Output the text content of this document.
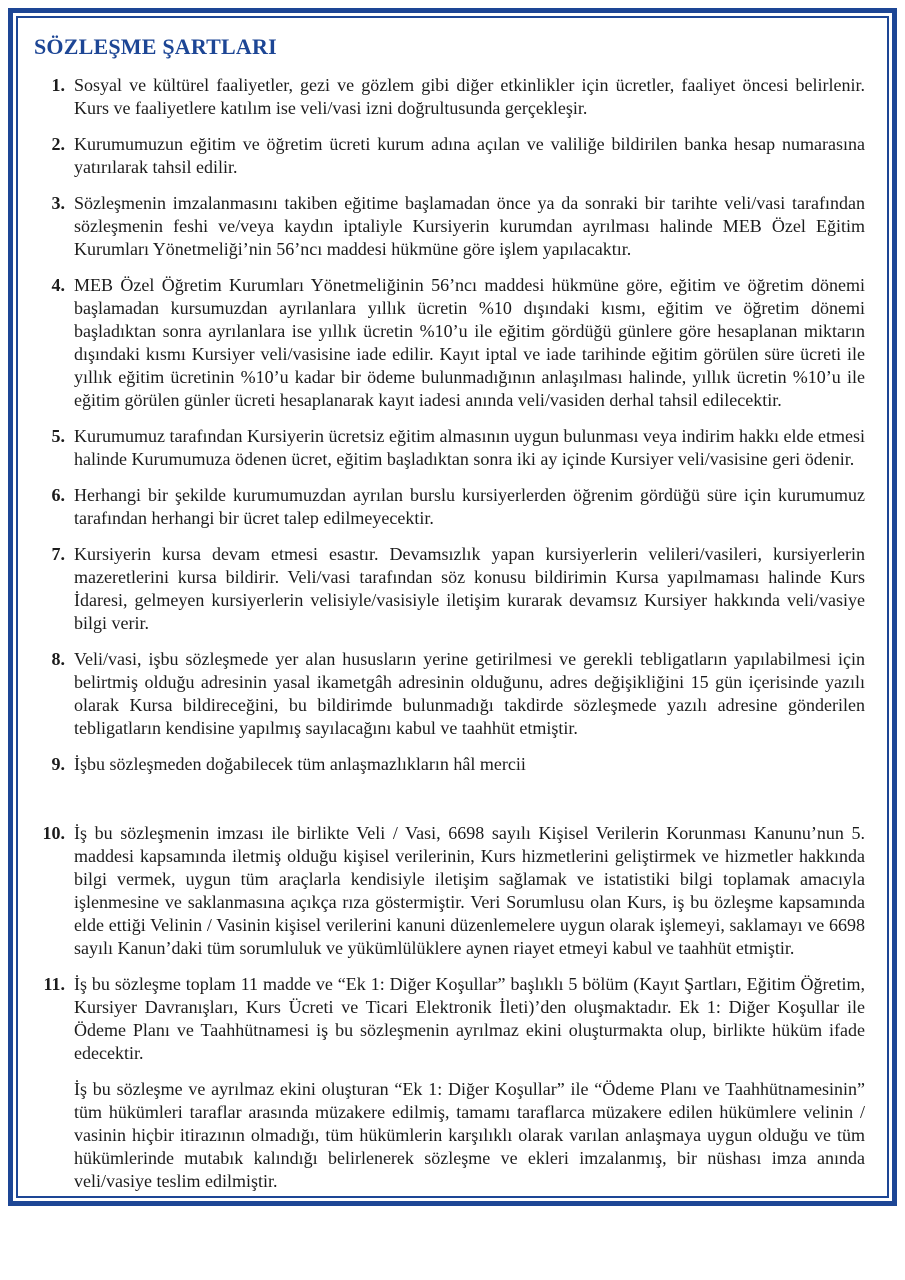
SÖZLEŞME ŞARTLARI
1. Sosyal ve kültürel faaliyetler, gezi ve gözlem gibi diğer etkinlikler için ücretler, faaliyet öncesi belirlenir. Kurs ve faaliyetlere katılım ise veli/vasi izni doğrultusunda gerçekleşir.

2. Kurumumuzun eğitim ve öğretim ücreti kurum adına açılan ve valiliğe bildirilen banka hesap numarasına yatırılarak tahsil edilir.

3. Sözleşmenin imzalanmasını takiben eğitime başlamadan önce ya da sonraki bir tarihte veli/vasi tarafından sözleşmenin feshi ve/veya kaydın iptaliyle Kursiyerin kurumdan ayrılması halinde MEB Özel Eğitim Kurumları Yönetmeliği’nin 56’ncı maddesi hükmüne göre işlem yapılacaktır.

4. MEB Özel Öğretim Kurumları Yönetmeliğinin 56’ncı maddesi hükmüne göre, eğitim ve öğretim dönemi başlamadan kursumuzdan ayrılanlara yıllık ücretin %10 dışındaki kısmı, eğitim ve öğretim dönemi başladıktan sonra ayrılanlara ise yıllık ücretin %10’u ile eğitim gördüğü günlere göre hesaplanan miktarın dışındaki kısmı Kursiyer veli/vasisine iade edilir. Kayıt iptal ve iade tarihinde eğitim görülen süre ücreti ile yıllık eğitim ücretinin %10’u kadar bir ödeme bulunmadığının anlaşılması halinde, yıllık ücretin %10’u ile eğitim görülen günler ücreti hesaplanarak kayıt iadesi anında veli/vasiden derhal tahsil edilecektir.

5. Kurumumuz tarafından Kursiyerin ücretsiz eğitim almasının uygun bulunması veya indirim hakkı elde etmesi halinde Kurumumuza ödenen ücret, eğitim başladıktan sonra iki ay içinde Kursiyer veli/vasisine geri ödenir.

6. Herhangi bir şekilde kurumumuzdan ayrılan burslu kursiyerlerden öğrenim gördüğü süre için kurumumuz tarafından herhangi bir ücret talep edilmeyecektir.

7. Kursiyerin kursa devam etmesi esastır. Devamsızlık yapan kursiyerlerin velileri/vasileri, kursiyerlerin mazeretlerini kursa bildirir. Veli/vasi tarafından söz konusu bildirimin Kursa yapılmaması halinde Kurs İdaresi, gelmeyen kursiyerlerin velisiyle/vasisiyle iletişim kurarak devamsız Kursiyer hakkında veli/vasiye bilgi verir.

8. Veli/vasi, işbu sözleşmede yer alan hususların yerine getirilmesi ve gerekli tebligatların yapılabilmesi için belirtmiş olduğu adresinin yasal ikametgâh adresinin olduğunu, adres değişikliğini 15 gün içerisinde yazılı olarak Kursa bildireceğini, bu bildirimde bulunmadığı takdirde sözleşmede yazılı adresine gönderilen tebligatların kendisine yapılmış sayılacağını kabul ve taahhüt etmiştir.

9. İşbu sözleşmeden doğabilecek tüm anlaşmazlıkların hâl mercii

10. İş bu sözleşmenin imzası ile birlikte Veli / Vasi, 6698 sayılı Kişisel Verilerin Korunması Kanunu’nun 5. maddesi kapsamında iletmiş olduğu kişisel verilerinin, Kurs hizmetlerini geliştirmek ve hizmetler hakkında bilgi vermek, uygun tüm araçlarla kendisiyle iletişim sağlamak ve istatistiki bilgi toplamak amacıyla işlenmesine ve saklanmasına açıkça rıza göstermiştir. Veri Sorumlusu olan Kurs, iş bu özleşme kapsamında elde ettiği Velinin / Vasinin kişisel verilerini kanuni düzenlemelere uygun olarak işlemeyi, saklamayı ve 6698 sayılı Kanun’daki tüm sorumluluk ve yükümlülüklere aynen riayet etmeyi kabul ve taahhüt etmiştir.

11. İş bu sözleşme toplam 11 madde ve “Ek 1: Diğer Koşullar” başlıklı 5 bölüm (Kayıt Şartları, Eğitim Öğretim, Kursiyer Davranışları, Kurs Ücreti ve Ticari Elektronik İleti)’den oluşmaktadır. Ek 1: Diğer Koşullar ile Ödeme Planı ve Taahhütnamesi iş bu sözleşmenin ayrılmaz ekini oluşturmakta olup, birlikte hüküm ifade edecektir.

İş bu sözleşme ve ayrılmaz ekini oluşturan “Ek 1: Diğer Koşullar” ile “Ödeme Planı ve Taahhütnamesinin” tüm hükümleri taraflar arasında müzakere edilmiş, tamamı taraflarca müzakere edilen hükümlere velinin / vasinin hiçbir itirazının olmadığı, tüm hükümlerin karşılıklı olarak varılan anlaşmaya uygun olduğu ve tüm hükümlerinde mutabık kalındığı belirlenerek sözleşme ve ekleri imzalanmış, bir nüshası imza anında veli/vasiye teslim edilmiştir.
